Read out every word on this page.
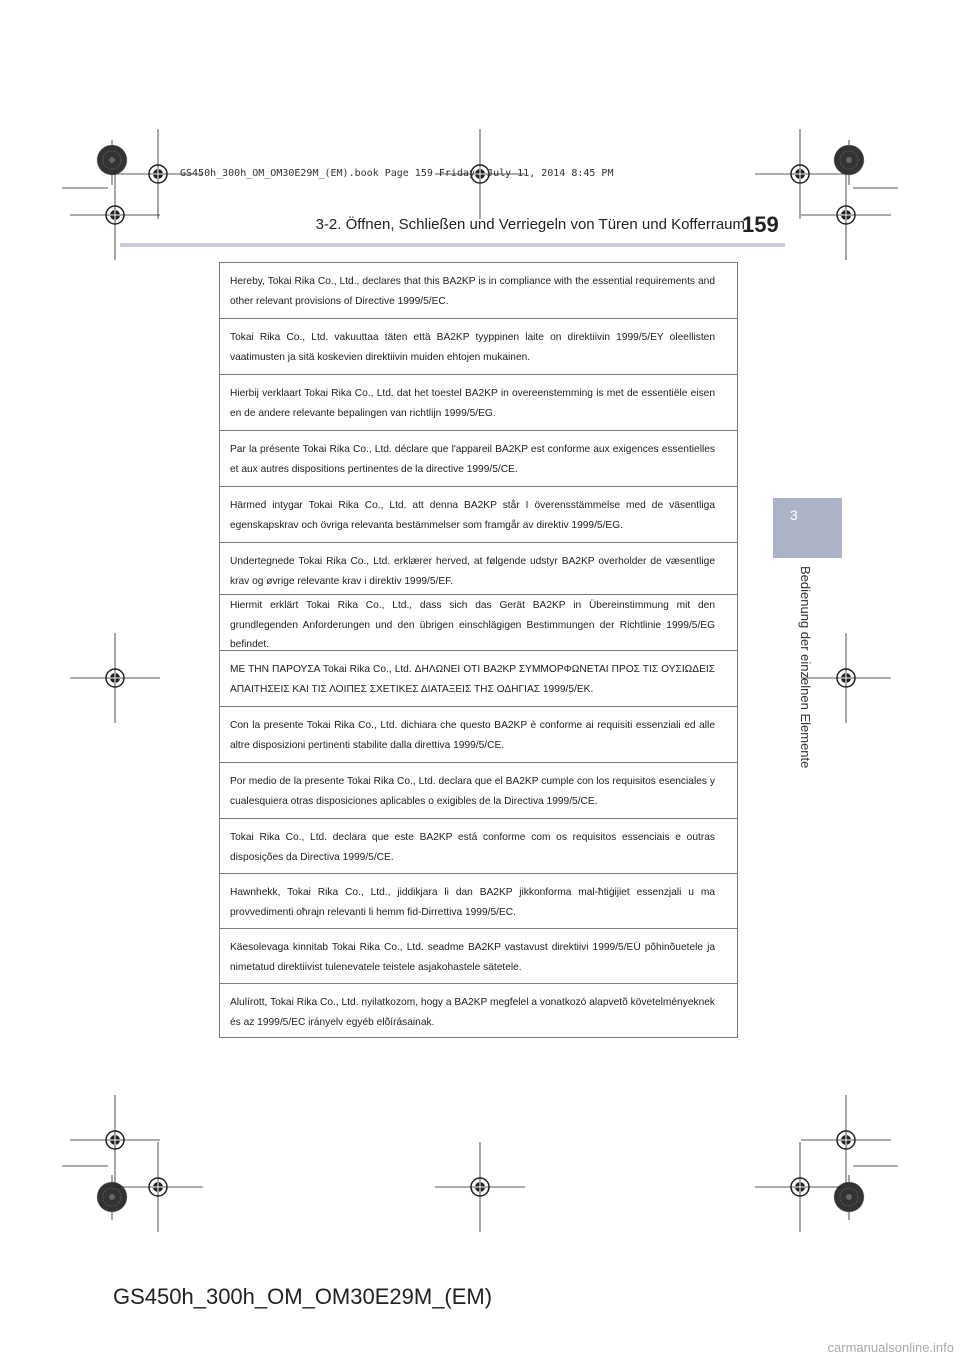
GS450h_300h_OM_OM30E29M_(EM).book Page 159 Friday, July 11, 2014 8:45 PM
3-2. Öffnen, Schließen und Verriegeln von Türen und Kofferraum
159
3
Bedienung der einzelnen Elemente
Hereby, Tokai Rika Co., Ltd., declares that this BA2KP is in compliance with the essential requirements and other relevant provisions of Directive 1999/5/EC.
Tokai Rika Co., Ltd. vakuuttaa täten että BA2KP tyyppinen laite on direktiivin 1999/5/EY oleellisten vaatimusten ja sitä koskevien direktiivin muiden ehtojen mukainen.
Hierbij verklaart Tokai Rika Co., Ltd. dat het toestel BA2KP in overeenstemming is met de essentiële eisen en de andere relevante bepalingen van richtlijn 1999/5/EG.
Par la présente Tokai Rika Co., Ltd. déclare que l'appareil BA2KP est conforme aux exigences essentielles et aux autres dispositions pertinentes de la directive 1999/5/CE.
Härmed intygar Tokai Rika Co., Ltd. att denna BA2KP står I överensstämmelse med de väsentliga egenskapskrav och övriga relevanta bestämmelser som framgår av direktiv 1999/5/EG.
Undertegnede Tokai Rika Co., Ltd. erklærer herved, at følgende udstyr BA2KP overholder de væsentlige krav og øvrige relevante krav i direktiv 1999/5/EF.
Hiermit erklärt Tokai Rika Co., Ltd., dass sich das Gerät BA2KP in Übereinstimmung mit den grundlegenden Anforderungen und den übrigen einschlägigen Bestimmungen der Richtlinie 1999/5/EG befindet.
ΜΕ ΤΗΝ ΠΑΡΟΥΣΑ Tokai Rika Co., Ltd. ΔΗΛΩΝΕΙ ΟΤΙ BA2KP ΣΥΜΜΟΡΦΩΝΕΤΑΙ ΠΡΟΣ ΤΙΣ ΟΥΣΙΩΔΕΙΣ ΑΠΑΙΤΗΣΕΙΣ ΚΑΙ ΤΙΣ ΛΟΙΠΕΣ ΣΧΕΤΙΚΕΣ ΔΙΑΤΑΞΕΙΣ ΤΗΣ ΟΔΗΓΙΑΣ 1999/5/ΕΚ.
Con la presente Tokai Rika Co., Ltd. dichiara che questo BA2KP è conforme ai requisiti essenziali ed alle altre disposizioni pertinenti stabilite dalla direttiva 1999/5/CE.
Por medio de la presente Tokai Rika Co., Ltd. declara que el BA2KP cumple con los requisitos esenciales y cualesquiera otras disposiciones aplicables o exigibles de la Directiva 1999/5/CE.
Tokai Rika Co., Ltd. declara que este BA2KP está conforme com os requisitos essenciais e outras disposições da Directiva 1999/5/CE.
Hawnhekk, Tokai Rika Co., Ltd., jiddikjara li dan BA2KP jikkonforma mal-ħtiġijiet essenzjali u ma provvedimenti oħrajn relevanti li hemm fid-Dirrettiva 1999/5/EC.
Käesolevaga kinnitab Tokai Rika Co., Ltd. seadme BA2KP vastavust direktiivi 1999/5/EÜ põhinõuetele ja nimetatud direktiivist tulenevatele teistele asjakohastele sätetele.
Alulírott, Tokai Rika Co., Ltd. nyilatkozom, hogy a BA2KP megfelel a vonatkozó alapvetõ követelményeknek és az 1999/5/EC irányelv egyéb elõírásainak.
GS450h_300h_OM_OM30E29M_(EM)
carmanualsonline.info
